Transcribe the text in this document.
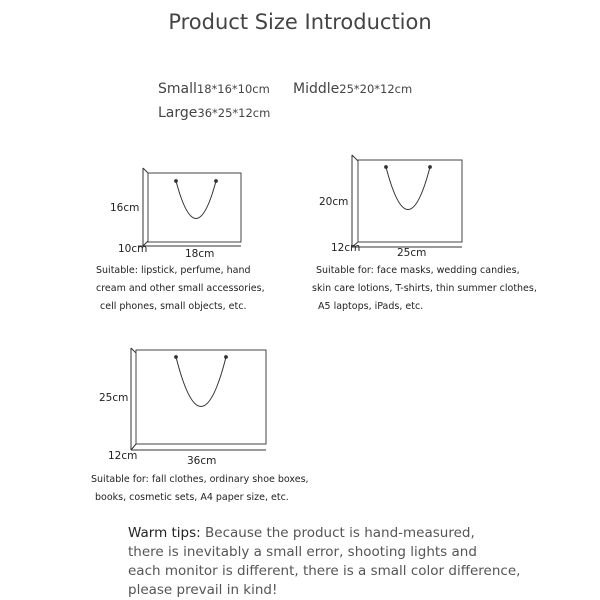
Product Size Introduction
Small18*16*10cm Middle25*20*12cm
Large36*25*12cm
16cm
10cm	18cm
Suitable: lipstick, perfume, hand
cream and other small accessories,
cell phones, small objects, etc.
20cm
12cm	25cm
Suitable for: face masks, wedding candies,
skin care lotions, T-shirts, thin summer clothes,
A5 laptops, iPads, etc.
25cm
12cm	36cm
Suitable for: fall clothes, ordinary shoe boxes,
books, cosmetic sets, A4 paper size, etc.
Warm tips: Because the product is hand-measured,
there is inevitably a small error, shooting lights and
each monitor is different, there is a small color difference,
please prevail in kind!
